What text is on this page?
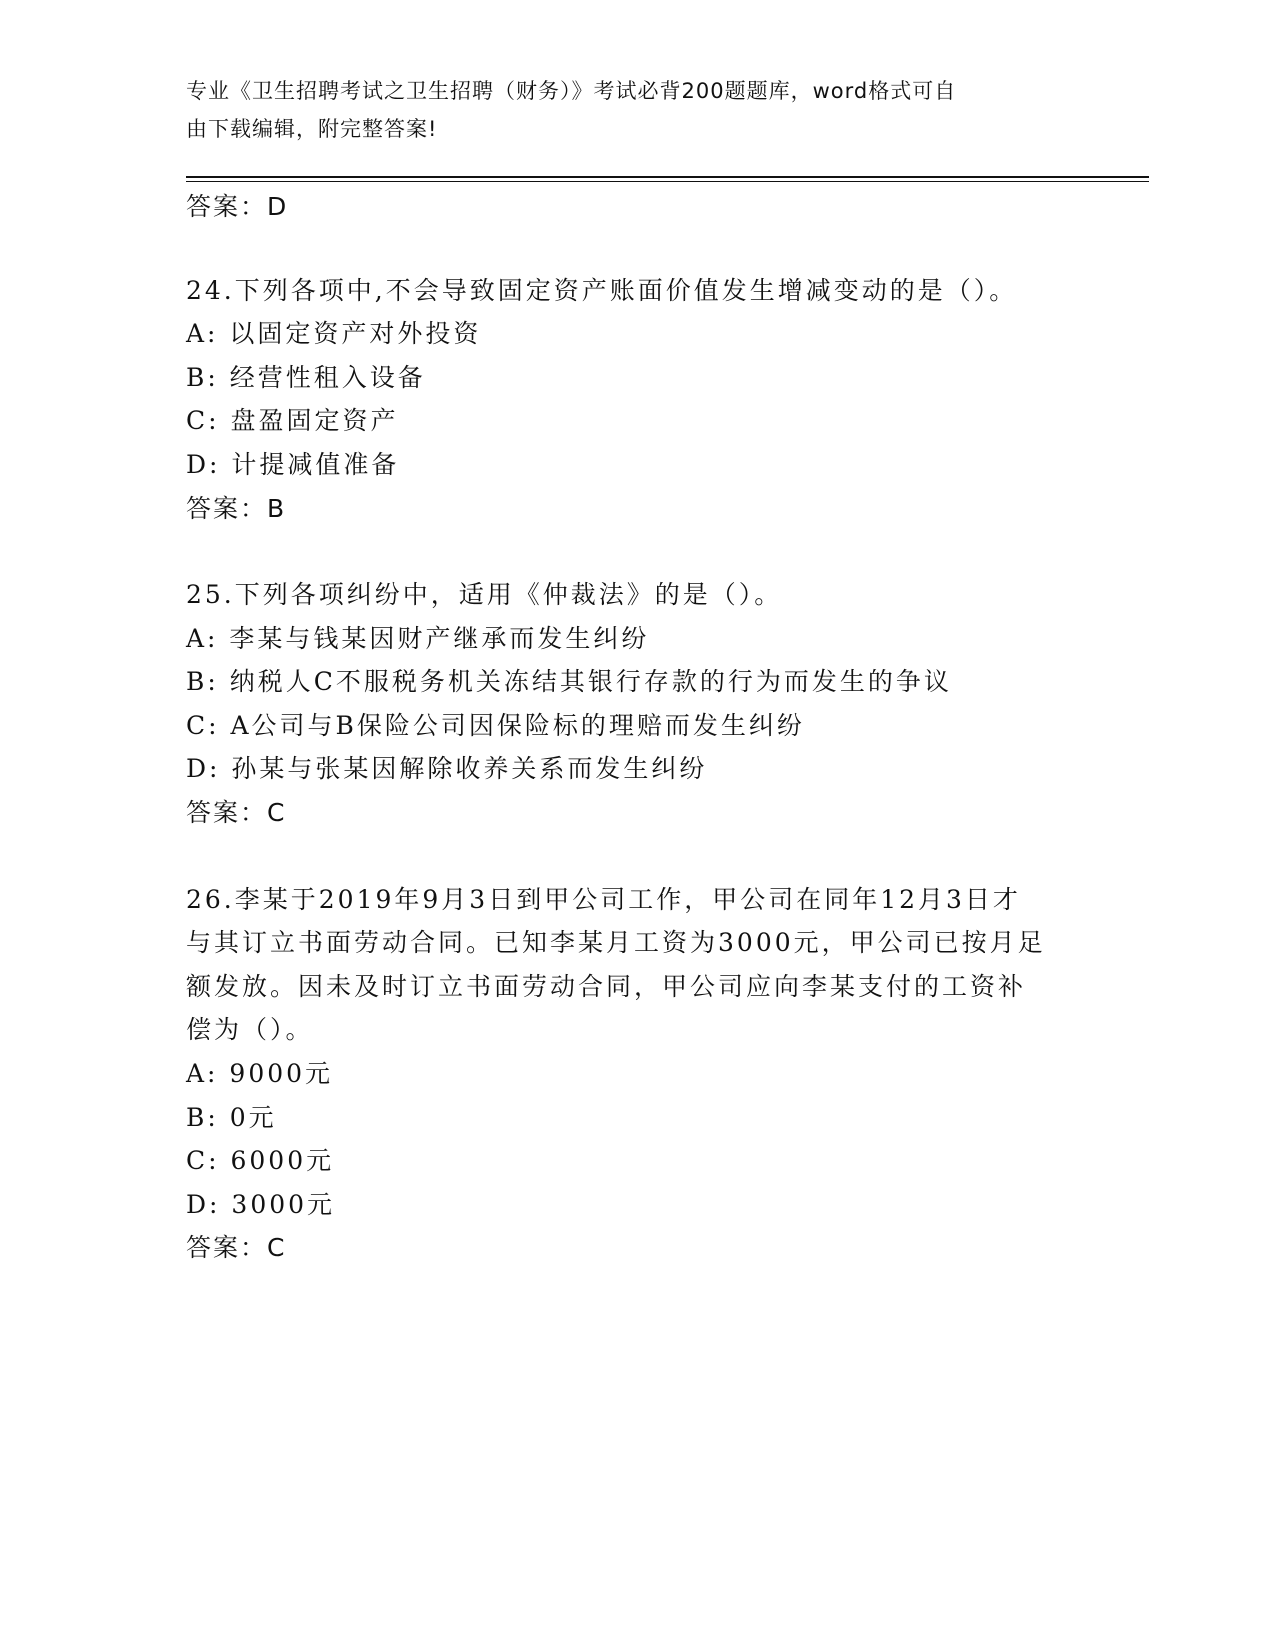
专业《卫生招聘考试之卫生招聘（财务）》考试必背200题题库，word格式可自
由下载编辑，附完整答案!
答案：D
24.下列各项中,不会导致固定资产账面价值发生增减变动的是（）。
A: 以固定资产对外投资
B: 经营性租入设备
C: 盘盈固定资产
D: 计提减值准备
答案：B
25.下列各项纠纷中，适用《仲裁法》的是（）。
A: 李某与钱某因财产继承而发生纠纷
B: 纳税人C不服税务机关冻结其银行存款的行为而发生的争议
C: A公司与B保险公司因保险标的理赔而发生纠纷
D: 孙某与张某因解除收养关系而发生纠纷
答案：C
26.李某于2019年9月3日到甲公司工作，甲公司在同年12月3日才
与其订立书面劳动合同。已知李某月工资为3000元，甲公司已按月足
额发放。因未及时订立书面劳动合同，甲公司应向李某支付的工资补
偿为（）。
A: 9000元
B: 0元
C: 6000元
D: 3000元
答案：C
